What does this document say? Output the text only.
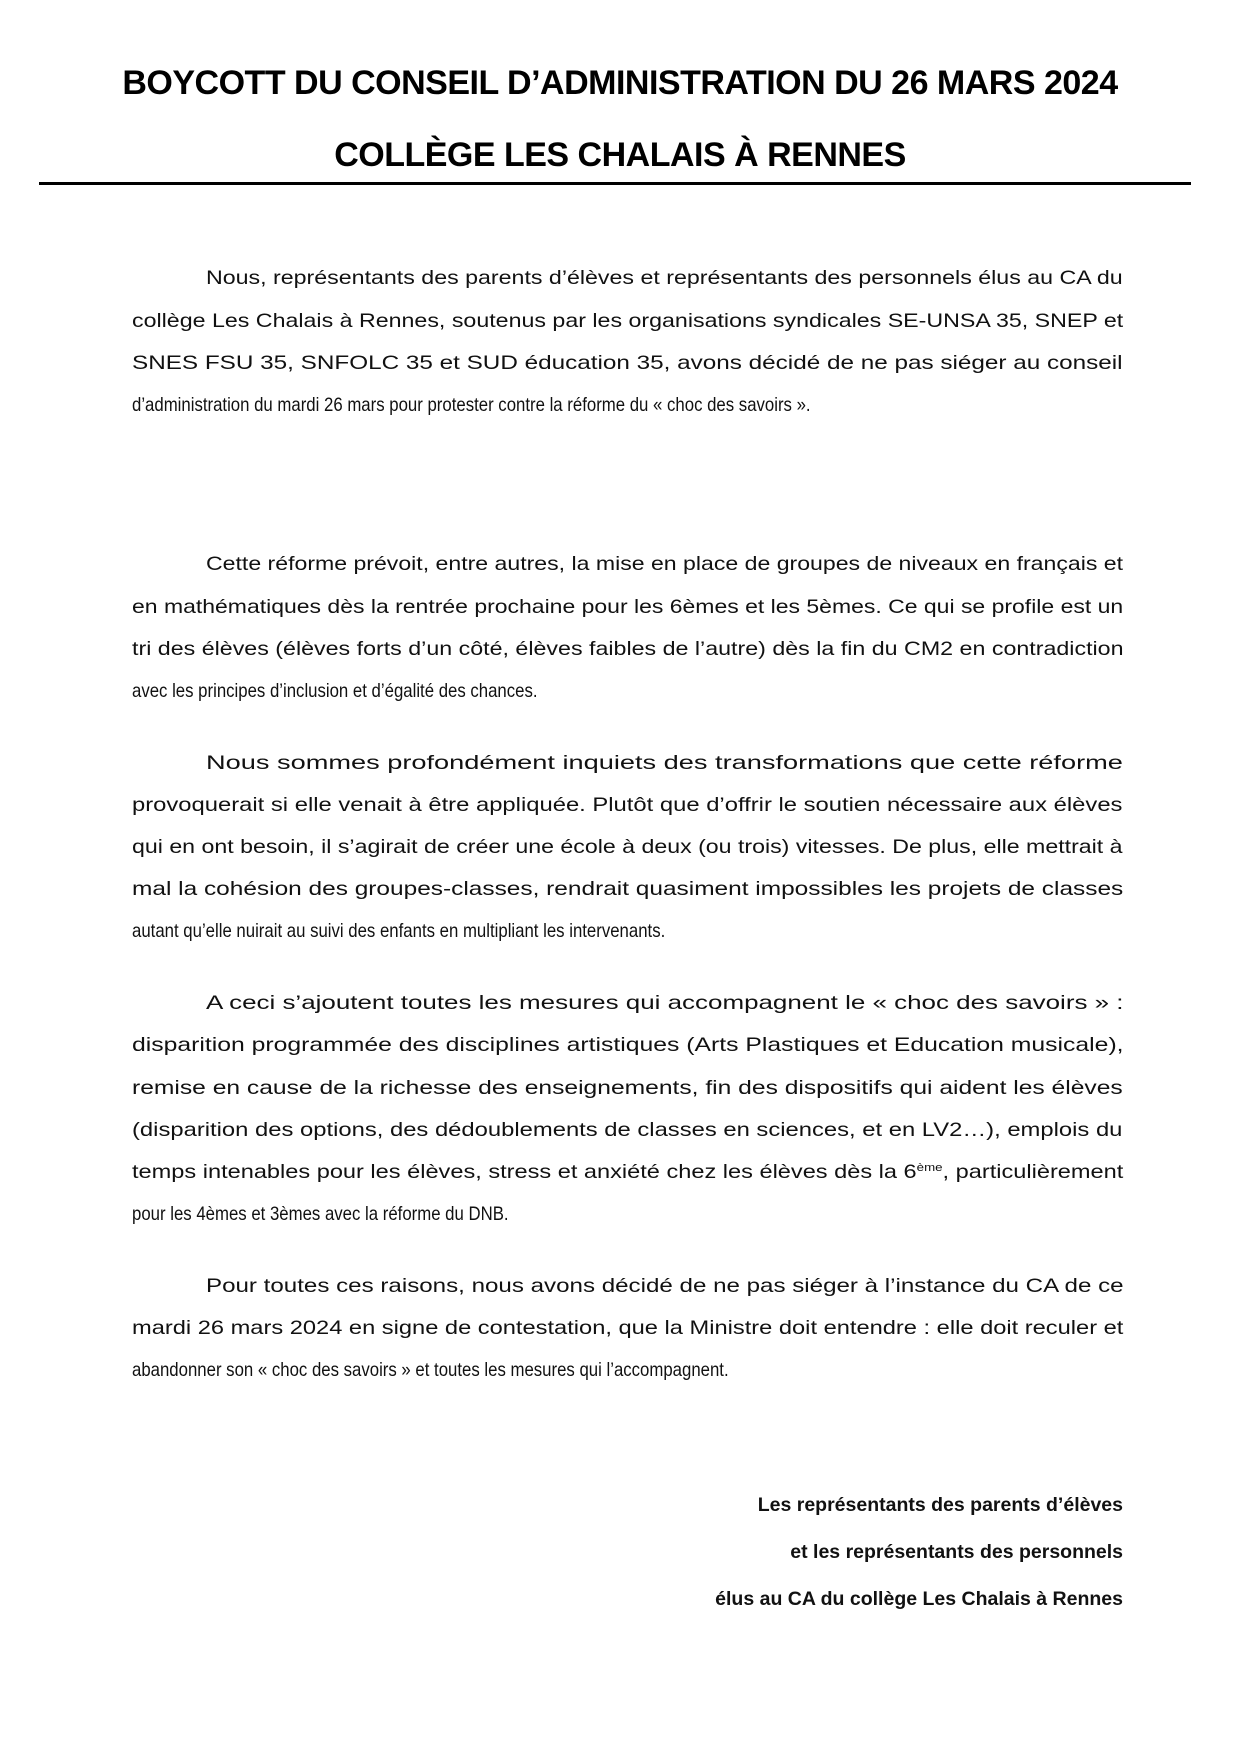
BOYCOTT DU CONSEIL D’ADMINISTRATION DU 26 MARS 2024
COLLÈGE LES CHALAIS À RENNES
Nous, représentants des parents d’élèves et représentants des personnels élus au CA du
collège Les Chalais à Rennes, soutenus par les organisations syndicales SE-UNSA 35, SNEP et
SNES FSU 35, SNFOLC 35 et SUD éducation 35, avons décidé de ne pas siéger au conseil
d’administration du mardi 26 mars pour protester contre la réforme du « choc des savoirs ».
Cette réforme prévoit, entre autres, la mise en place de groupes de niveaux en français et
en mathématiques dès la rentrée prochaine pour les 6èmes et les 5èmes. Ce qui se profile est un
tri des élèves (élèves forts d’un côté, élèves faibles de l’autre) dès la fin du CM2 en contradiction
avec les principes d’inclusion et d’égalité des chances.
Nous sommes profondément inquiets des transformations que cette réforme
provoquerait si elle venait à être appliquée. Plutôt que d’offrir le soutien nécessaire aux élèves
qui en ont besoin, il s’agirait de créer une école à deux (ou trois) vitesses. De plus, elle mettrait à
mal la cohésion des groupes-classes, rendrait quasiment impossibles les projets de classes
autant qu’elle nuirait au suivi des enfants en multipliant les intervenants.
A ceci s’ajoutent toutes les mesures qui accompagnent le « choc des savoirs » :
disparition programmée des disciplines artistiques (Arts Plastiques et Education musicale),
remise en cause de la richesse des enseignements, fin des dispositifs qui aident les élèves
(disparition des options, des dédoublements de classes en sciences, et en LV2…), emplois du
temps intenables pour les élèves, stress et anxiété chez les élèves dès la 6ème, particulièrement
pour les 4èmes et 3èmes avec la réforme du DNB.
Pour toutes ces raisons, nous avons décidé de ne pas siéger à l’instance du CA de ce
mardi 26 mars 2024 en signe de contestation, que la Ministre doit entendre : elle doit reculer et
abandonner son « choc des savoirs » et toutes les mesures qui l’accompagnent.
Les représentants des parents d’élèves
et les représentants des personnels
élus au CA du collège Les Chalais à Rennes
